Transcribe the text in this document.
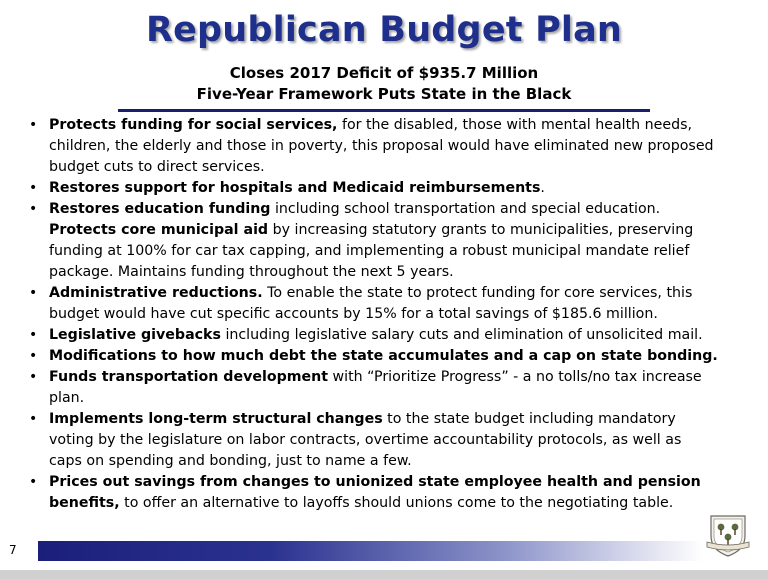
Republican Budget Plan
Closes 2017 Deficit of $935.7 Million
Five-Year Framework Puts State in the Black
• Protects funding for social services, for the disabled, those with mental health needs, children, the elderly and those in poverty, this proposal would have eliminated new proposed budget cuts to direct services.
• Restores support for hospitals and Medicaid reimbursements.
• Restores education funding including school transportation and special education. Protects core municipal aid by increasing statutory grants to municipalities, preserving funding at 100% for car tax capping, and implementing a robust municipal mandate relief package. Maintains funding throughout the next 5 years.
• Administrative reductions. To enable the state to protect funding for core services, this budget would have cut specific accounts by 15% for a total savings of $185.6 million.
• Legislative givebacks including legislative salary cuts and elimination of unsolicited mail.
• Modifications to how much debt the state accumulates and a cap on state bonding.
• Funds transportation development with “Prioritize Progress” - a no tolls/no tax increase plan.
• Implements long-term structural changes to the state budget including mandatory voting by the legislature on labor contracts, overtime accountability protocols, as well as caps on spending and bonding, just to name a few.
• Prices out savings from changes to unionized state employee health and pension benefits, to offer an alternative to layoffs should unions come to the negotiating table.
7
